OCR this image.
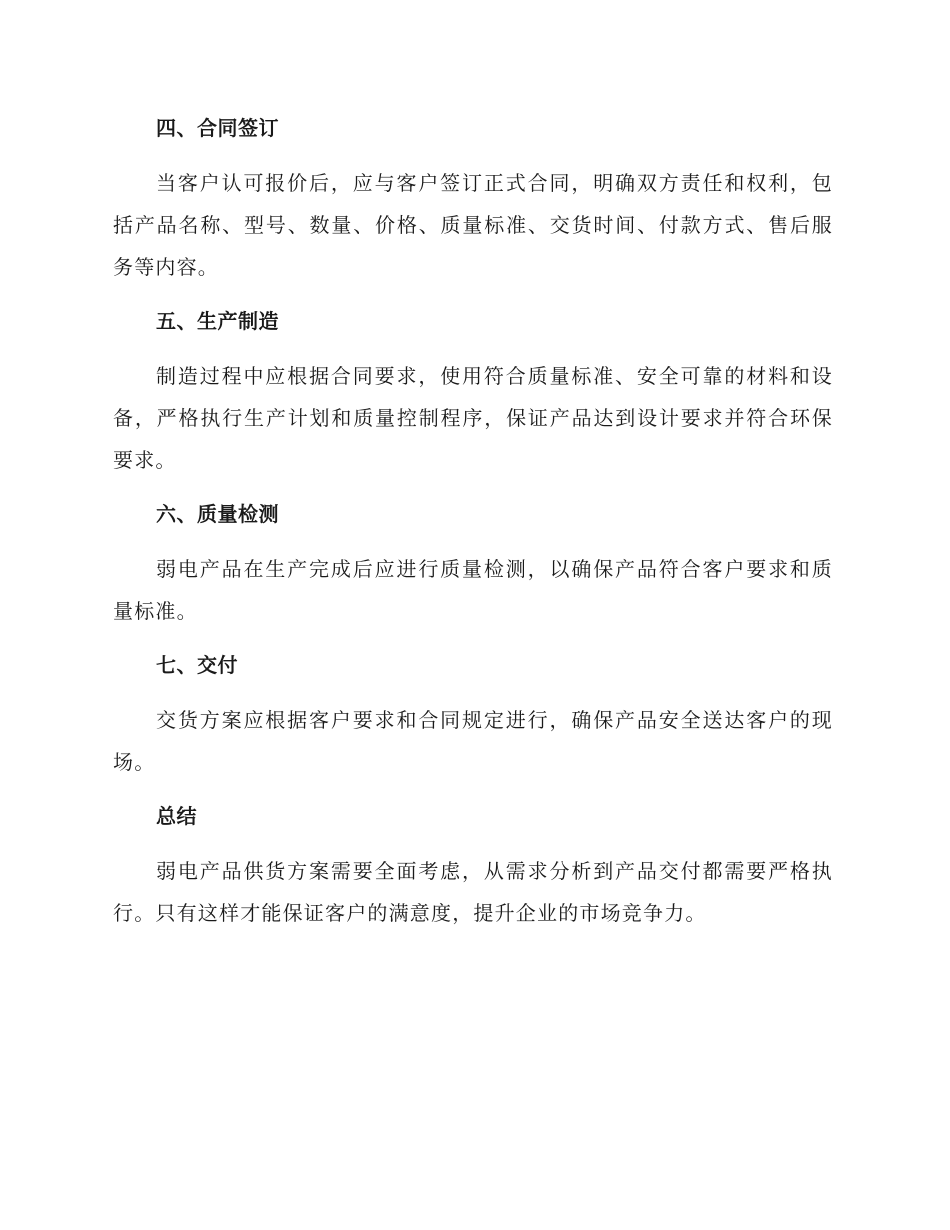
四、合同签订

当客户认可报价后，应与客户签订正式合同，明确双方责任和权利，包括产品名称、型号、数量、价格、质量标准、交货时间、付款方式、售后服务等内容。

五、生产制造

制造过程中应根据合同要求，使用符合质量标准、安全可靠的材料和设备，严格执行生产计划和质量控制程序，保证产品达到设计要求并符合环保要求。

六、质量检测

弱电产品在生产完成后应进行质量检测，以确保产品符合客户要求和质量标准。

七、交付

交货方案应根据客户要求和合同规定进行，确保产品安全送达客户的现场。

总结

弱电产品供货方案需要全面考虑，从需求分析到产品交付都需要严格执行。只有这样才能保证客户的满意度，提升企业的市场竞争力。
